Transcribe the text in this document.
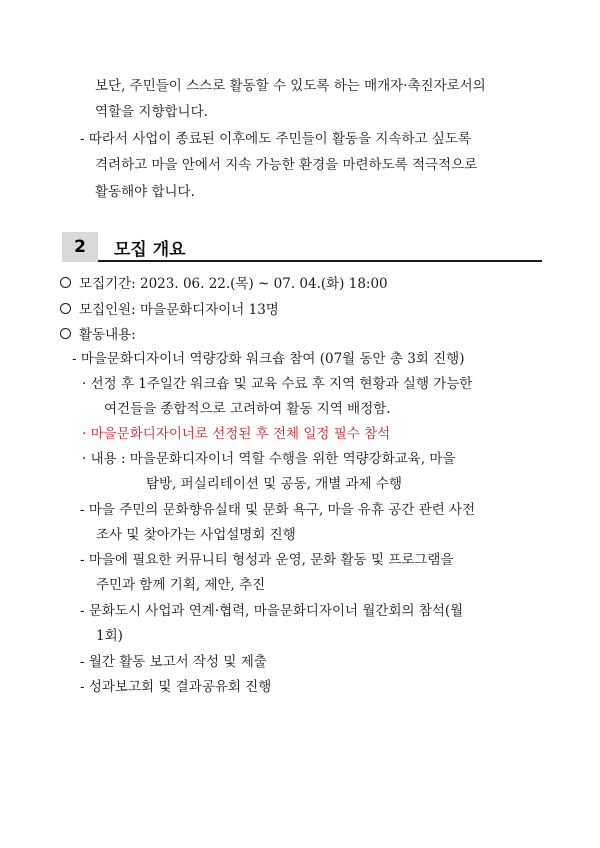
보단, 주민들이 스스로 활동할 수 있도록 하는 매개자·촉진자로서의
역할을 지향합니다.
- 따라서 사업이 종료된 이후에도 주민들이 활동을 지속하고 싶도록
격려하고 마을 안에서 지속 가능한 환경을 마련하도록 적극적으로
활동해야 합니다.
2	모집 개요
모집기간: 2023. 06. 22.(목) ~ 07. 04.(화) 18:00
모집인원: 마을문화디자이너 13명
활동내용:
- 마을문화디자이너 역량강화 워크숍 참여 (07월 동안 총 3회 진행)
· 선정 후 1주일간 워크숍 및 교육 수료 후 지역 현황과 실행 가능한
여건들을 종합적으로 고려하여 활동 지역 배정함.
· 마을문화디자이너로 선정된 후 전체 일정 필수 참석
· 내용 : 마을문화디자이너 역할 수행을 위한 역량강화교육, 마을
탐방, 퍼실리테이션 및 공동, 개별 과제 수행
- 마을 주민의 문화향유실태 및 문화 욕구, 마을 유휴 공간 관련 사전
조사 및 찾아가는 사업설명회 진행
- 마을에 필요한 커뮤니티 형성과 운영, 문화 활동 및 프로그램을
주민과 함께 기획, 제안, 추진
- 문화도시 사업과 연계·협력, 마을문화디자이너 월간회의 참석(월
1회)
- 월간 활동 보고서 작성 및 제출
- 성과보고회 및 결과공유회 진행
